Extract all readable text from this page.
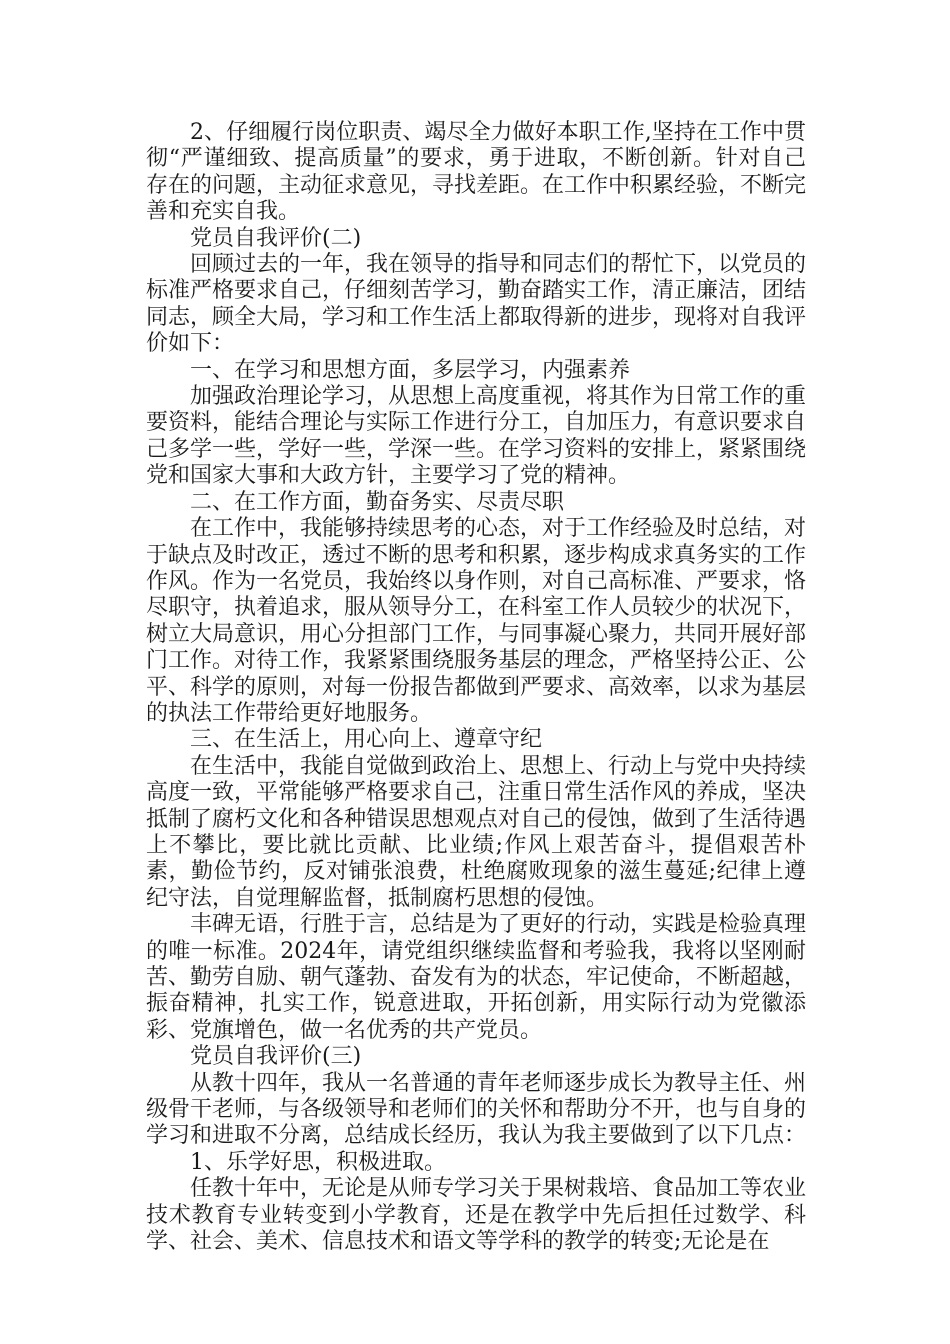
2、仔细履行岗位职责、竭尽全力做好本职工作,坚持在工作中贯彻“严谨细致、提高质量”的要求，勇于进取，不断创新。针对自己存在的问题，主动征求意见，寻找差距。在工作中积累经验，不断完善和充实自我。

党员自我评价(二)

回顾过去的一年，我在领导的指导和同志们的帮忙下，以党员的标准严格要求自己，仔细刻苦学习，勤奋踏实工作，清正廉洁，团结同志，顾全大局，学习和工作生活上都取得新的进步，现将对自我评价如下：

一、在学习和思想方面，多层学习，内强素养

加强政治理论学习，从思想上高度重视，将其作为日常工作的重要资料，能结合理论与实际工作进行分工，自加压力，有意识要求自己多学一些，学好一些，学深一些。在学习资料的安排上，紧紧围绕党和国家大事和大政方针，主要学习了党的精神。

二、在工作方面，勤奋务实、尽责尽职

在工作中，我能够持续思考的心态，对于工作经验及时总结，对于缺点及时改正，透过不断的思考和积累，逐步构成求真务实的工作作风。作为一名党员，我始终以身作则，对自己高标准、严要求，恪尽职守，执着追求，服从领导分工，在科室工作人员较少的状况下，树立大局意识，用心分担部门工作，与同事凝心聚力，共同开展好部门工作。对待工作，我紧紧围绕服务基层的理念，严格坚持公正、公平、科学的原则，对每一份报告都做到严要求、高效率，以求为基层的执法工作带给更好地服务。

三、在生活上，用心向上、遵章守纪

在生活中，我能自觉做到政治上、思想上、行动上与党中央持续高度一致，平常能够严格要求自己，注重日常生活作风的养成，坚决抵制了腐朽文化和各种错误思想观点对自己的侵蚀，做到了生活待遇上不攀比，要比就比贡献、比业绩;作风上艰苦奋斗，提倡艰苦朴素，勤俭节约，反对铺张浪费，杜绝腐败现象的滋生蔓延;纪律上遵纪守法，自觉理解监督，抵制腐朽思想的侵蚀。

丰碑无语，行胜于言，总结是为了更好的行动，实践是检验真理的唯一标准。2024年，请党组织继续监督和考验我，我将以坚刚耐苦、勤劳自励、朝气蓬勃、奋发有为的状态，牢记使命，不断超越，振奋精神，扎实工作，锐意进取，开拓创新，用实际行动为党徽添彩、党旗增色，做一名优秀的共产党员。

党员自我评价(三)

从教十四年，我从一名普通的青年老师逐步成长为教导主任、州级骨干老师，与各级领导和老师们的关怀和帮助分不开，也与自身的学习和进取不分离，总结成长经历，我认为我主要做到了以下几点：

1、乐学好思，积极进取。

任教十年中，无论是从师专学习关于果树栽培、食品加工等农业技术教育专业转变到小学教育，还是在教学中先后担任过数学、科学、社会、美术、信息技术和语文等学科的教学的转变;无论是在
